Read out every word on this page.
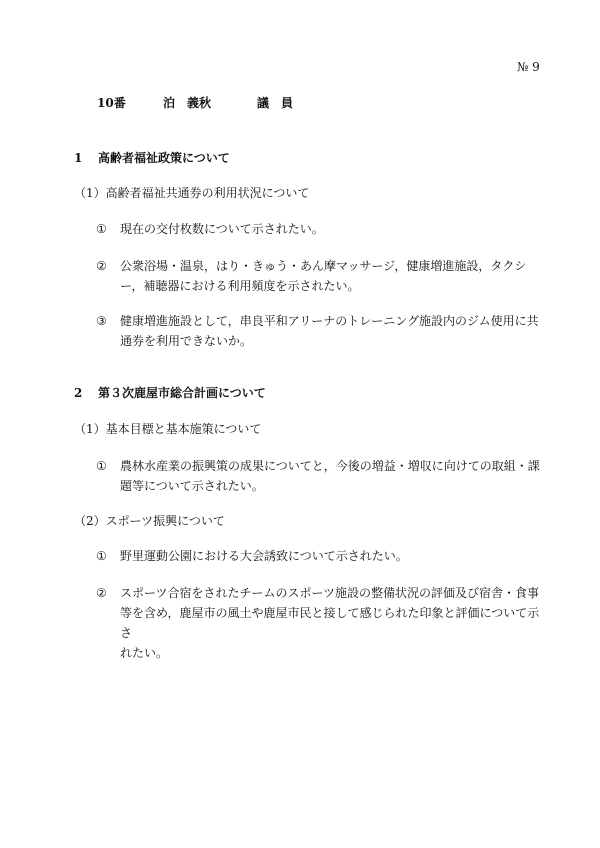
№ 9
10番	泊　義秋	議　員
1 高齢者福祉政策について
（1）高齢者福祉共通券の利用状況について
① 現在の交付枚数について示されたい。
② 公衆浴場・温泉，はり・きゅう・あん摩マッサージ，健康増進施設，タクシ
ー，補聴器における利用頻度を示されたい。
③ 健康増進施設として，串良平和アリーナのトレーニング施設内のジム使用に共
通券を利用できないか。
2 第３次鹿屋市総合計画について
（1）基本目標と基本施策について
① 農林水産業の振興策の成果についてと，今後の増益・増収に向けての取組・課
題等について示されたい。
（2）スポーツ振興について
① 野里運動公園における大会誘致について示されたい。
② スポーツ合宿をされたチームのスポーツ施設の整備状況の評価及び宿舎・食事
等を含め，鹿屋市の風土や鹿屋市民と接して感じられた印象と評価について示さ
れたい。
